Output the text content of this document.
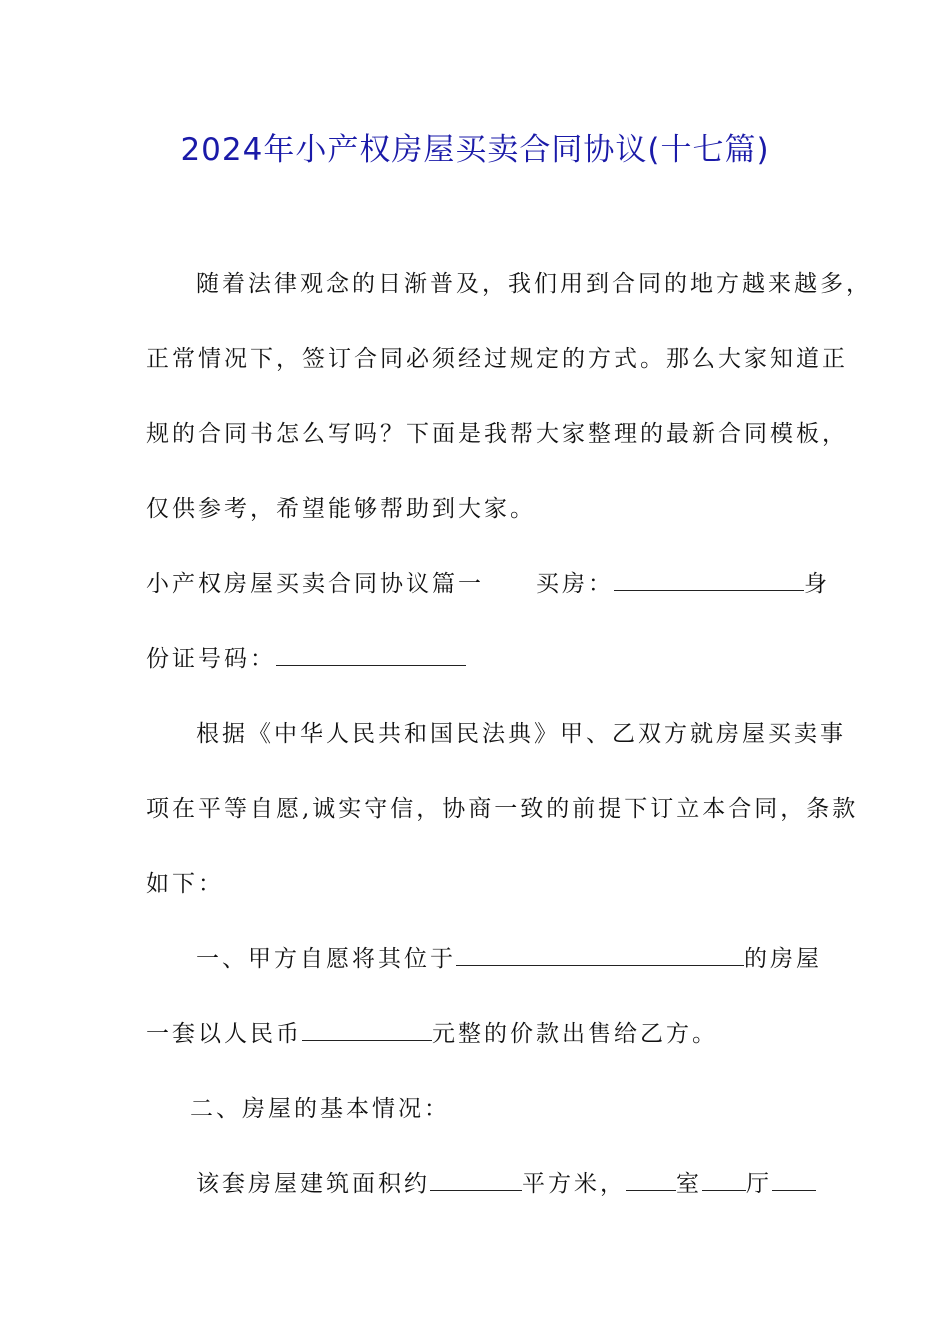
2024年小产权房屋买卖合同协议(十七篇)
随着法律观念的日渐普及，我们用到合同的地方越来越多，
正常情况下，签订合同必须经过规定的方式。那么大家知道正
规的合同书怎么写吗？下面是我帮大家整理的最新合同模板，
仅供参考，希望能够帮助到大家。
小产权房屋买卖合同协议篇一 买房：	身
份证号码：
根据《中华人民共和国民法典》甲、乙双方就房屋买卖事
项在平等自愿,诚实守信，协商一致的前提下订立本合同，条款
如下：
一、甲方自愿将其位于	的房屋
一套以人民币	元整的价款出售给乙方。
二、房屋的基本情况：
该套房屋建筑面积约	平方米， 室 厅
